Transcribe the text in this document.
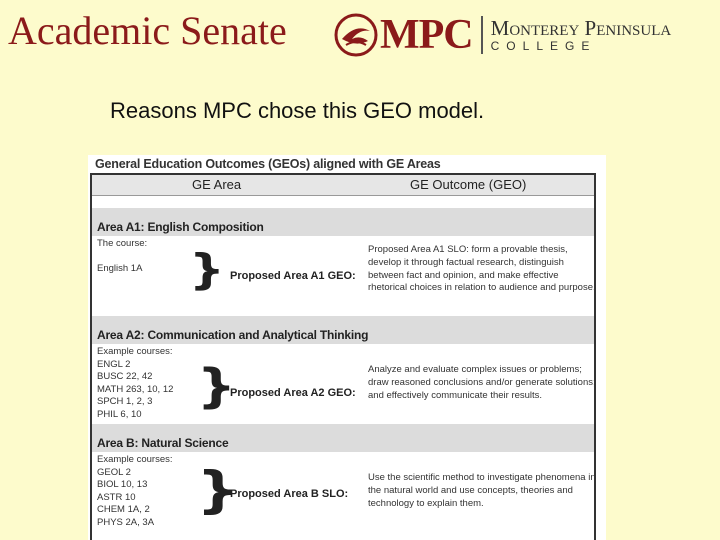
Academic Senate MPC Monterey Peninsula
COLLEGE
Reasons MPC chose this GEO model.
General Education Outcomes (GEOs) aligned with GE Areas
GE Area	GE Outcome (GEO)
Area A1: English Composition
The course:
English 1A } Proposed Area A1 GEO:
Proposed Area A1 SLO: form a provable thesis, develop it through factual research, distinguish between fact and opinion, and make effective rhetorical choices in relation to audience and purpose.
Area A2: Communication and Analytical Thinking
Example courses:
ENGL 2
BUSC 22, 42
MATH 263, 10, 12
SPCH 1, 2, 3
PHIL 6, 10
}
Proposed Area A2 GEO:
Analyze and evaluate complex issues or problems; draw reasoned conclusions and/or generate solutions; and effectively communicate their results.
Area B: Natural Science
Example courses:
GEOL 2
BIOL 10, 13
ASTR 10
CHEM 1A, 2
PHYS 2A, 3A
}
Proposed Area B SLO:
Use the scientific method to investigate phenomena in the natural world and use concepts, theories and technology to explain them.
